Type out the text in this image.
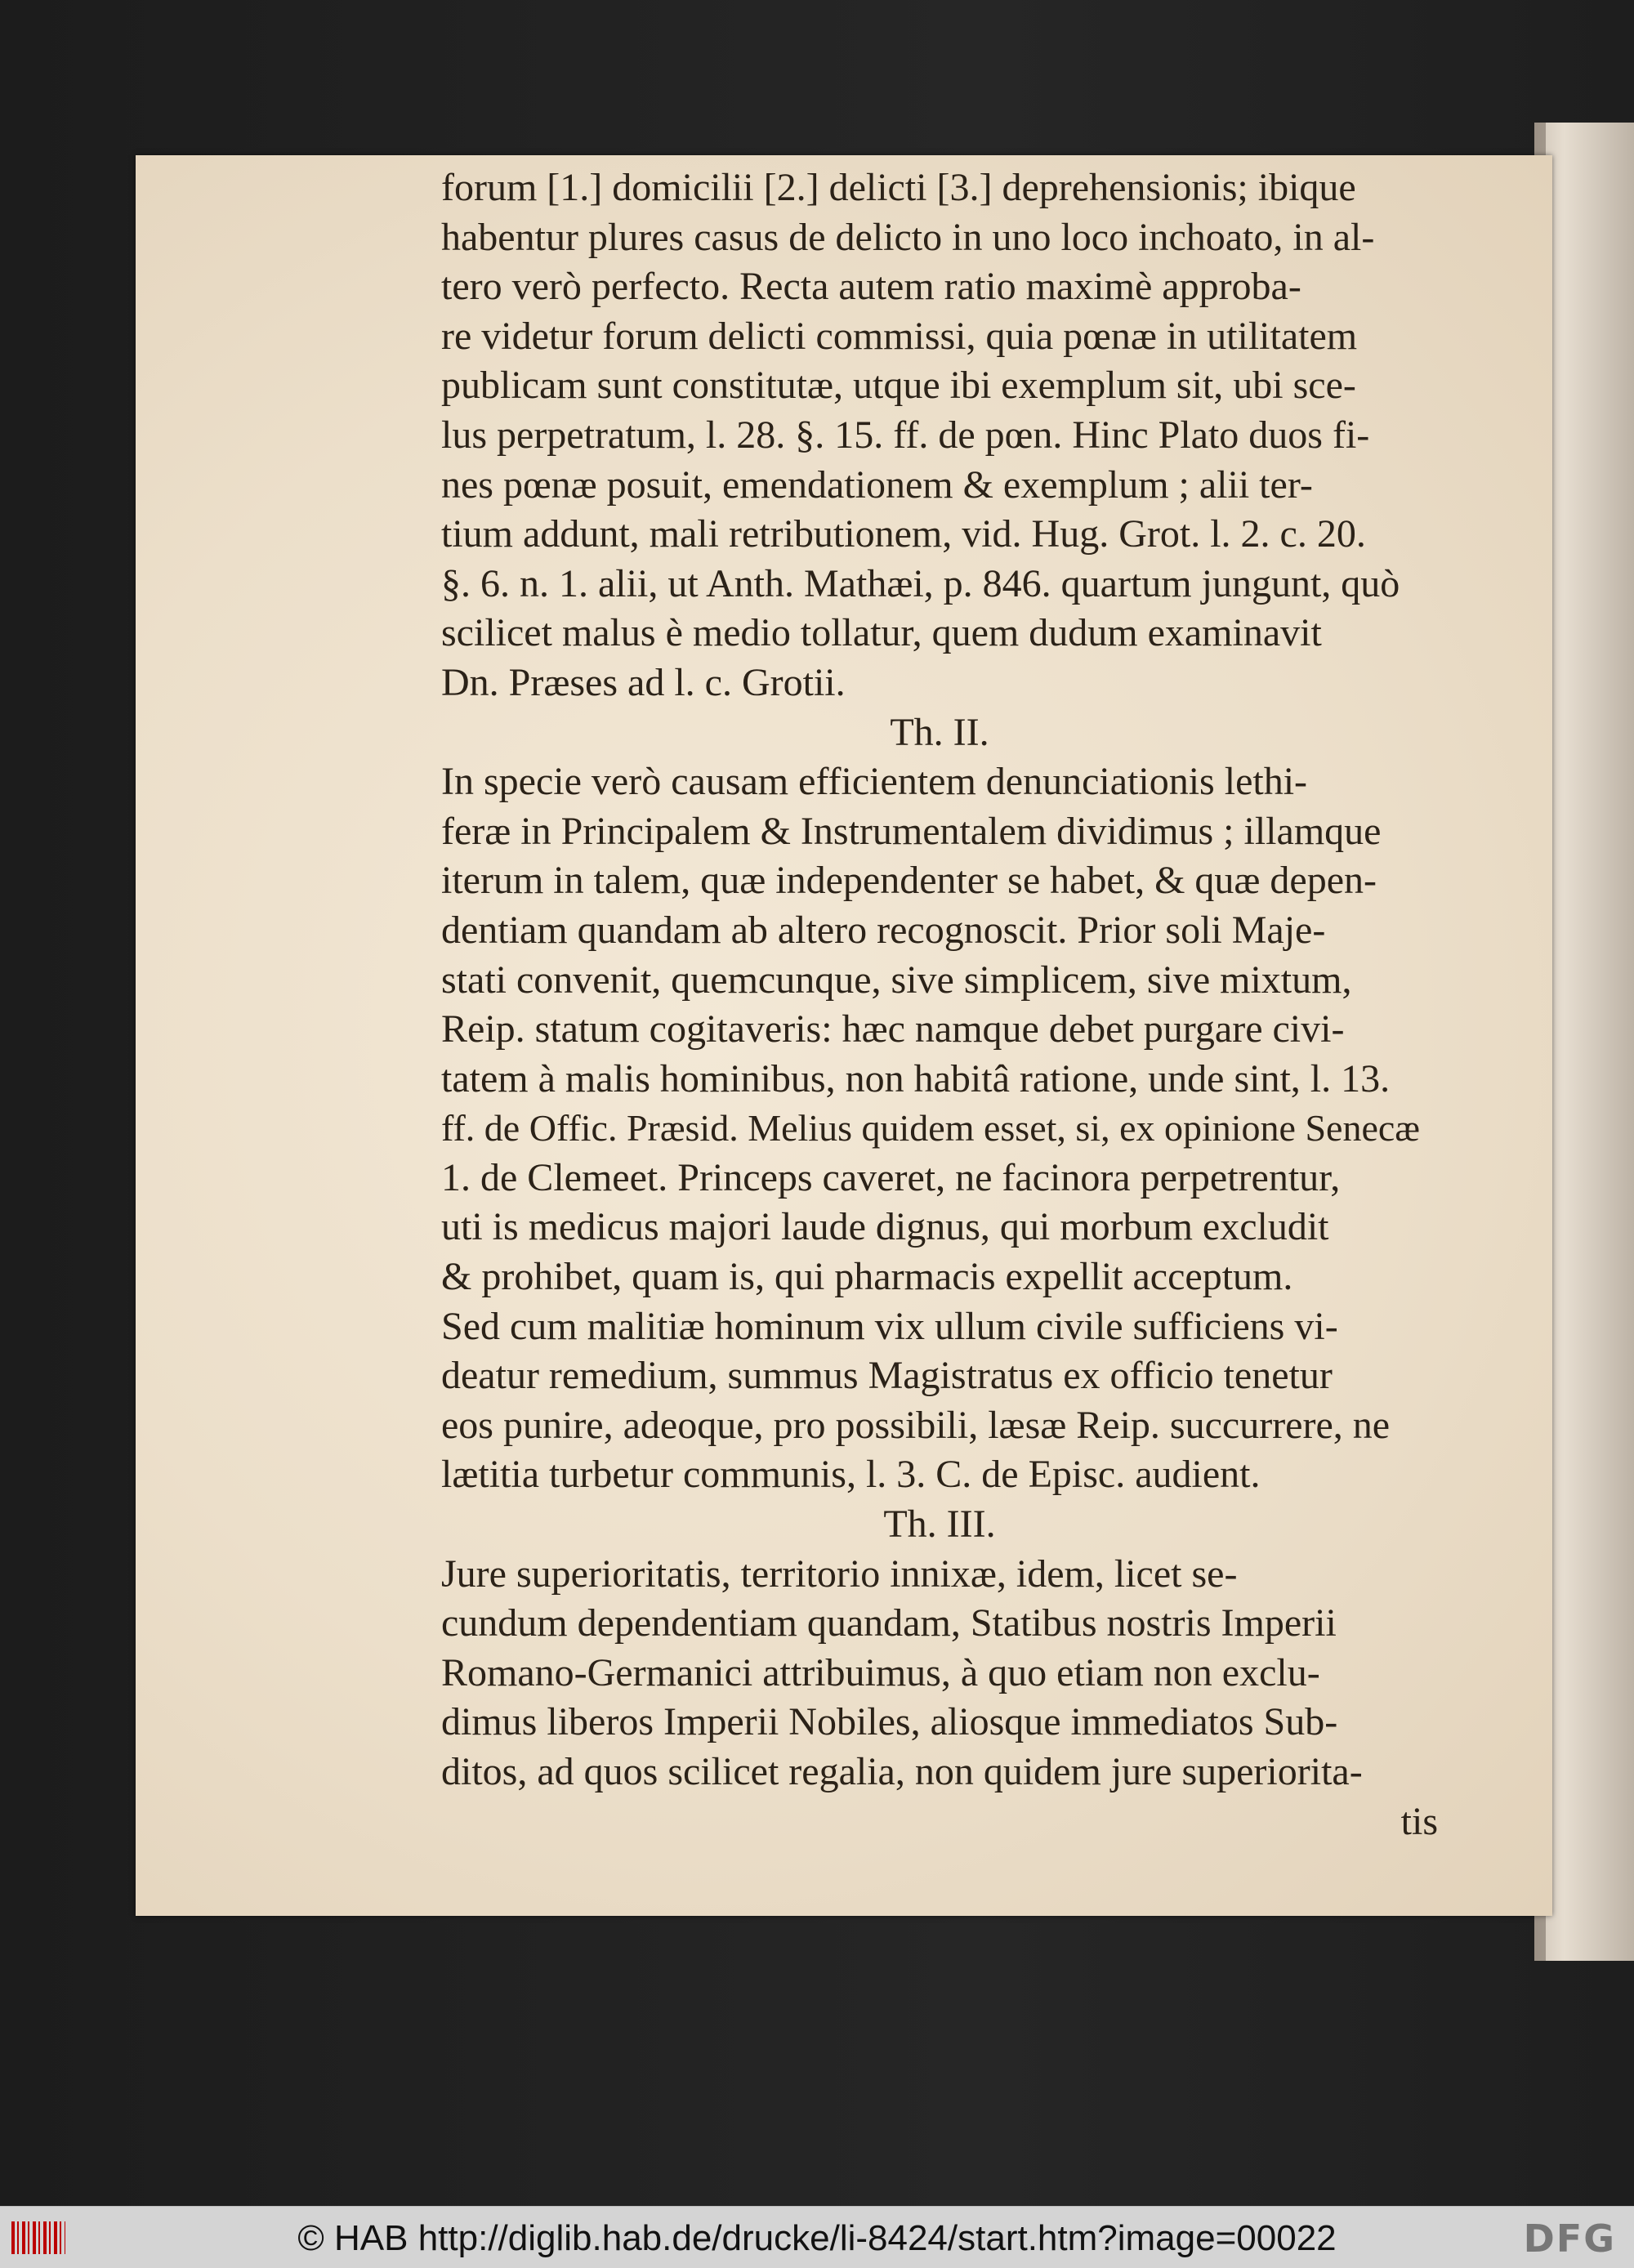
forum [1.] domicilii [2.] delicti [3.] deprehensionis; ibique
habentur plures casus de delicto in uno loco inchoato, in al-
tero verò perfecto. Recta autem ratio maximè approba-
re videtur forum delicti commissi, quia pœnæ in utilitatem
publicam sunt constitutæ, utque ibi exemplum sit, ubi sce-
lus perpetratum, l. 28. §. 15. ff. de pœn. Hinc Plato duos fi-
nes pœnæ posuit, emendationem & exemplum ; alii ter-
tium addunt, mali retributionem, vid. Hug. Grot. l. 2. c. 20.
§. 6. n. 1. alii, ut Anth. Mathæi, p. 846. quartum jungunt, quò
scilicet malus è medio tollatur, quem dudum examinavit
Dn. Præses ad l. c. Grotii.
Th. II.
In specie verò causam efficientem denunciationis lethi-
feræ in Principalem & Instrumentalem dividimus ; illamque
iterum in talem, quæ independenter se habet, & quæ depen-
dentiam quandam ab altero recognoscit. Prior soli Maje-
stati convenit, quemcunque, sive simplicem, sive mixtum,
Reip. statum cogitaveris: hæc namque debet purgare civi-
tatem à malis hominibus, non habitâ ratione, unde sint, l. 13.
ff. de Offic. Præsid. Melius quidem esset, si, ex opinione Senecæ
1. de Clemeet. Princeps caveret, ne facinora perpetrentur,
uti is medicus majori laude dignus, qui morbum excludit
& prohibet, quam is, qui pharmacis expellit acceptum.
Sed cum malitiæ hominum vix ullum civile sufficiens vi-
deatur remedium, summus Magistratus ex officio tenetur
eos punire, adeoque, pro possibili, læsæ Reip. succurrere, ne
lætitia turbetur communis, l. 3. C. de Episc. audient.
Th. III.
Jure superioritatis, territorio innixæ, idem, licet se-
cundum dependentiam quandam, Statibus nostris Imperii
Romano-Germanici attribuimus, à quo etiam non exclu-
dimus liberos Imperii Nobiles, aliosque immediatos Sub-
ditos, ad quos scilicet regalia, non quidem jure superiorita-
tis
© HAB http://diglib.hab.de/drucke/li-8424/start.htm?image=00022	DFG
